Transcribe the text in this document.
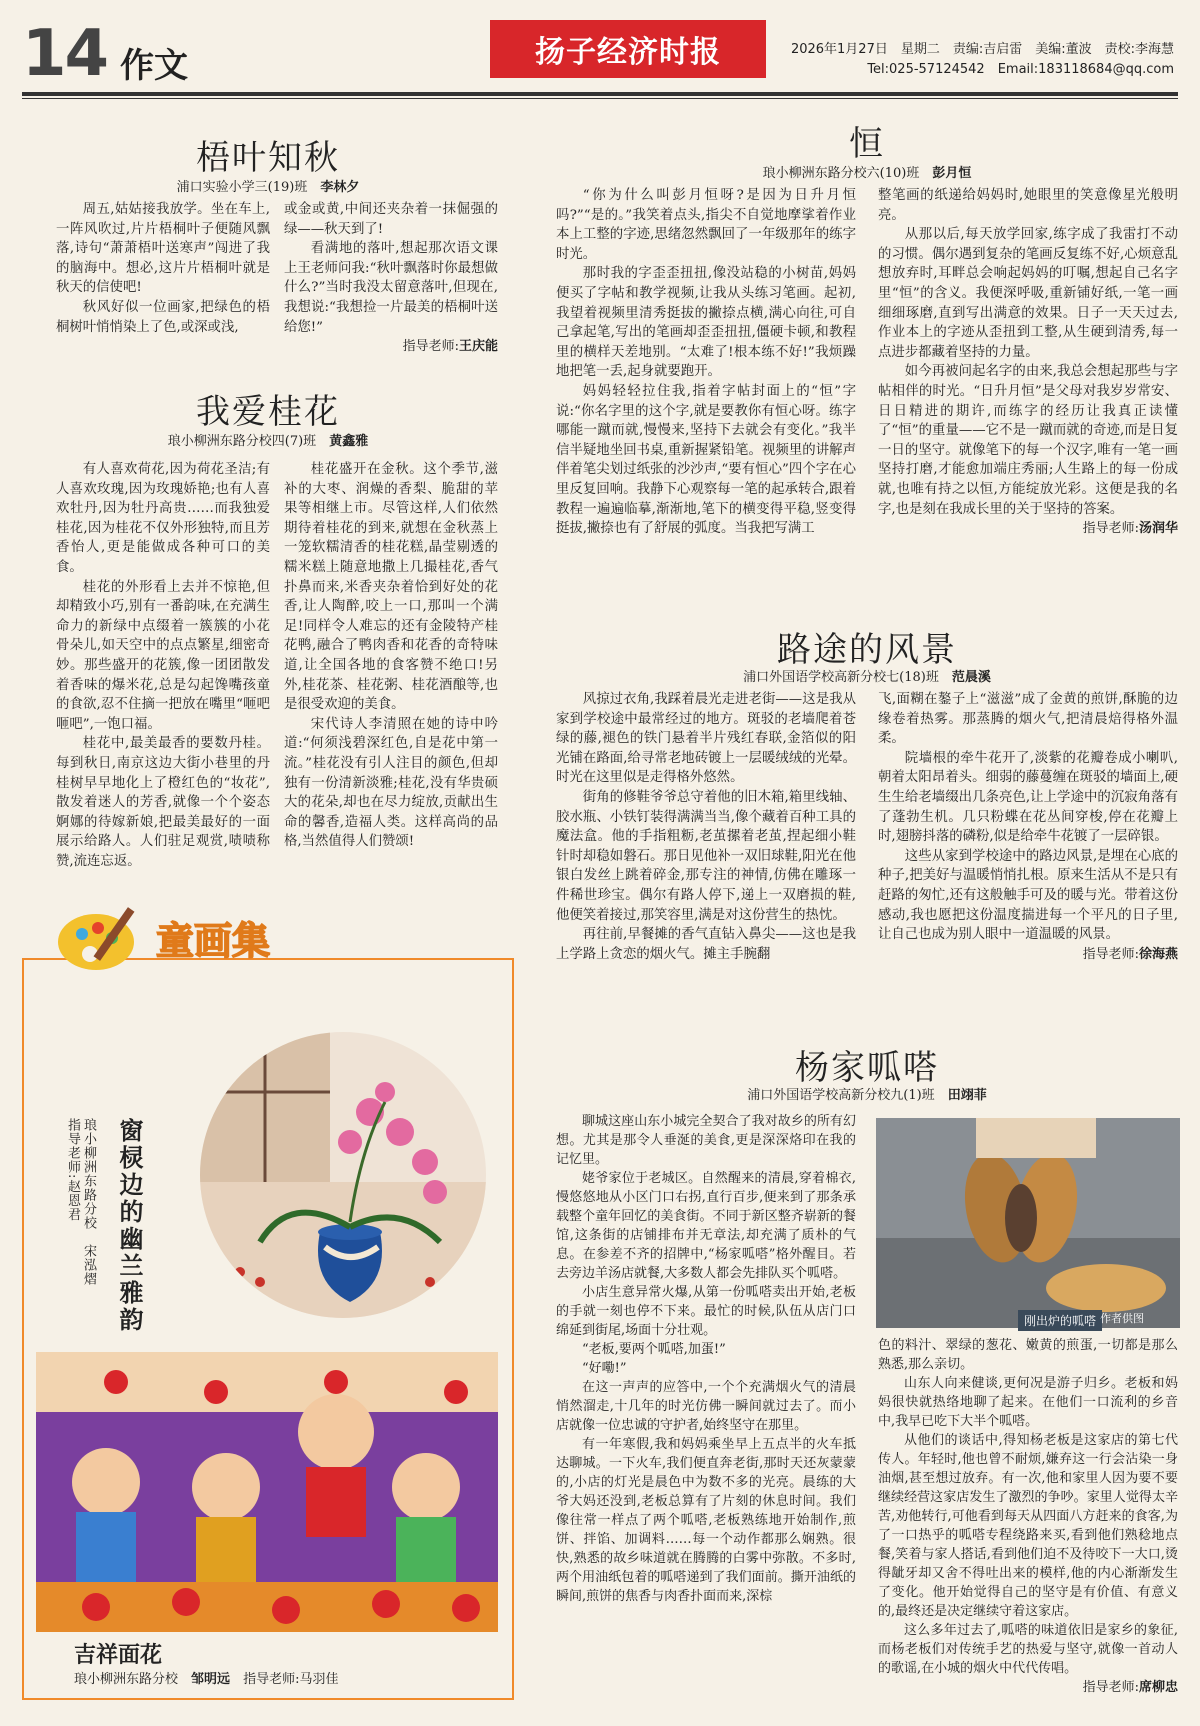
14 作文	扬子经济时报	2026年1月27日　星期二　责编:吉启雷　美编:董波　责校:李海慧
Tel:025-57124542　Email:183118684@qq.com
梧叶知秋
浦口实验小学三(19)班　 李林夕

周五,姑姑接我放学。坐在车上,一阵风吹过,片片梧桐叶子便随风飘落,诗句“萧萧梧叶送寒声”闯进了我的脑海中。想必,这片片梧桐叶就是秋天的信使吧!

秋风好似一位画家,把绿色的梧桐树叶悄悄染上了色,或深或浅,

或金或黄,中间还夹杂着一抹倔强的绿——秋天到了!

看满地的落叶,想起那次语文课上王老师问我:“秋叶飘落时你最想做什么?”当时我没太留意落叶,但现在,我想说:“我想捡一片最美的梧桐叶送给您!”

指导老师:王庆能
我爱桂花
琅小柳洲东路分校四(7)班　 黄鑫雅

有人喜欢荷花,因为荷花圣洁;有人喜欢玫瑰,因为玫瑰娇艳;也有人喜欢牡丹,因为牡丹高贵……而我独爱桂花,因为桂花不仅外形独特,而且芳香怡人,更是能做成各种可口的美食。

桂花的外形看上去并不惊艳,但却精致小巧,别有一番韵味,在充满生命力的新绿中点缀着一簇簇的小花骨朵儿,如天空中的点点繁星,细密奇妙。那些盛开的花簇,像一团团散发着香味的爆米花,总是勾起馋嘴孩童的食欲,忍不住摘一把放在嘴里“咂吧咂吧”,一饱口福。

桂花中,最美最香的要数丹桂。每到秋日,南京这边大街小巷里的丹桂树早早地化上了橙红色的“妆花”,散发着迷人的芳香,就像一个个姿态婀娜的待嫁新娘,把最美最好的一面展示给路人。人们驻足观赏,啧啧称赞,流连忘返。

桂花盛开在金秋。这个季节,滋补的大枣、润燥的香梨、脆甜的苹果等相继上市。尽管这样,人们依然期待着桂花的到来,就想在金秋蒸上一笼软糯清香的桂花糕,晶莹剔透的糯米糕上随意地撒上几撮桂花,香气扑鼻而来,米香夹杂着恰到好处的花香,让人陶醉,咬上一口,那叫一个满足!同样令人难忘的还有金陵特产桂花鸭,融合了鸭肉香和花香的奇特味道,让全国各地的食客赞不绝口!另外,桂花茶、桂花粥、桂花酒酿等,也是很受欢迎的美食。

宋代诗人李清照在她的诗中吟道:“何须浅碧深红色,自是花中第一流。”桂花没有引人注目的颜色,但却独有一份清新淡雅;桂花,没有华贵硕大的花朵,却也在尽力绽放,贡献出生命的馨香,造福人类。这样高尚的品格,当然值得人们赞颂!

童画集
窗棂边的幽兰雅韵
琅小柳洲东路分校　宋泓熠
指导老师:赵恩君
吉祥面花
琅小柳洲东路分校　 邹明远　 指导老师:马羽佳
恒
琅小柳洲东路分校六(10)班　 彭月恒

“你为什么叫彭月恒呀?是因为日升月恒吗?”“是的。”我笑着点头,指尖不自觉地摩挲着作业本上工整的字迹,思绪忽然飘回了一年级那年的练字时光。

那时我的字歪歪扭扭,像没站稳的小树苗,妈妈便买了字帖和教学视频,让我从头练习笔画。起初,我望着视频里清秀挺拔的撇捺点横,满心向往,可自己拿起笔,写出的笔画却歪歪扭扭,僵硬卡顿,和教程里的横样天差地别。“太难了!根本练不好!”我烦躁地把笔一丢,起身就要跑开。

妈妈轻轻拉住我,指着字帖封面上的“恒”字说:“你名字里的这个字,就是要教你有恒心呀。练字哪能一蹴而就,慢慢来,坚持下去就会有变化。”我半信半疑地坐回书桌,重新握紧铅笔。视频里的讲解声伴着笔尖划过纸张的沙沙声,“要有恒心”四个字在心里反复回响。我静下心观察每一笔的起承转合,跟着教程一遍遍临摹,渐渐地,笔下的横变得平稳,竖变得挺拔,撇捺也有了舒展的弧度。当我把写满工

整笔画的纸递给妈妈时,她眼里的笑意像星光般明亮。

从那以后,每天放学回家,练字成了我雷打不动的习惯。偶尔遇到复杂的笔画反复练不好,心烦意乱想放弃时,耳畔总会响起妈妈的叮嘱,想起自己名字里“恒”的含义。我便深呼吸,重新铺好纸,一笔一画细细琢磨,直到写出满意的效果。日子一天天过去,作业本上的字迹从歪扭到工整,从生硬到清秀,每一点进步都藏着坚持的力量。

如今再被问起名字的由来,我总会想起那些与字帖相伴的时光。“日升月恒”是父母对我岁岁常安、日日精进的期许,而练字的经历让我真正读懂了“恒”的重量——它不是一蹴而就的奇迹,而是日复一日的坚守。就像笔下的每一个汉字,唯有一笔一画坚持打磨,才能愈加端庄秀丽;人生路上的每一份成就,也唯有持之以恒,方能绽放光彩。这便是我的名字,也是刻在我成长里的关于坚持的答案。

指导老师:汤润华
路途的风景
浦口外国语学校高新分校七(18)班　 范晨溪

风掠过衣角,我踩着晨光走进老街——这是我从家到学校途中最常经过的地方。斑驳的老墙爬着苍绿的藤,褪色的铁门悬着半片残红春联,金箔似的阳光铺在路面,给寻常老地砖镀上一层暖绒绒的光晕。时光在这里似是走得格外悠然。

街角的修鞋爷爷总守着他的旧木箱,箱里线轴、胶水瓶、小铁钉装得满满当当,像个藏着百种工具的魔法盒。他的手指粗粝,老茧摞着老茧,捏起细小鞋针时却稳如磐石。那日见他补一双旧球鞋,阳光在他银白发丝上跳着碎金,那专注的神情,仿佛在雕琢一件稀世珍宝。偶尔有路人停下,递上一双磨损的鞋,他便笑着接过,那笑容里,满是对这份营生的热忱。

再往前,早餐摊的香气直钻入鼻尖——这也是我上学路上贪恋的烟火气。摊主手腕翻

飞,面糊在鏊子上“滋滋”成了金黄的煎饼,酥脆的边缘卷着热雾。那蒸腾的烟火气,把清晨焙得格外温柔。

院墙根的牵牛花开了,淡紫的花瓣卷成小喇叭,朝着太阳昂着头。细弱的藤蔓缠在斑驳的墙面上,硬生生给老墙缀出几条亮色,让上学途中的沉寂角落有了蓬勃生机。几只粉蝶在花丛间穿梭,停在花瓣上时,翅膀抖落的磷粉,似是给牵牛花镀了一层碎银。

这些从家到学校途中的路边风景,是埋在心底的种子,把美好与温暖悄悄扎根。原来生活从不是只有赶路的匆忙,还有这般触手可及的暖与光。带着这份感动,我也愿把这份温度揣进每一个平凡的日子里,让自己也成为别人眼中一道温暖的风景。

指导老师:徐海燕
杨家呱嗒
浦口外国语学校高新分校九(1)班　 田翊菲

聊城这座山东小城完全契合了我对故乡的所有幻想。尤其是那令人垂涎的美食,更是深深烙印在我的记忆里。

姥爷家位于老城区。自然醒来的清晨,穿着棉衣,慢悠悠地从小区门口右拐,直行百步,便来到了那条承载整个童年回忆的美食街。不同于新区整齐崭新的餐馆,这条街的店铺排布并无章法,却充满了质朴的气息。在参差不齐的招牌中,“杨家呱嗒”格外醒目。若去旁边羊汤店就餐,大多数人都会先排队买个呱嗒。

小店生意异常火爆,从第一份呱嗒卖出开始,老板的手就一刻也停不下来。最忙的时候,队伍从店门口绵延到街尾,场面十分壮观。

“老板,要两个呱嗒,加蛋!”

“好嘞!”

在这一声声的应答中,一个个充满烟火气的清晨悄然溜走,十几年的时光仿佛一瞬间就过去了。而小店就像一位忠诚的守护者,始终坚守在那里。

有一年寒假,我和妈妈乘坐早上五点半的火车抵达聊城。一下火车,我们便直奔老街,那时天还灰蒙蒙的,小店的灯光是晨色中为数不多的光亮。晨练的大爷大妈还没到,老板总算有了片刻的休息时间。我们像往常一样点了两个呱嗒,老板熟练地开始制作,煎饼、拌馅、加调料……每一个动作都那么娴熟。很快,熟悉的故乡味道就在腾腾的白雾中弥散。不多时,两个用油纸包着的呱嗒递到了我们面前。撕开油纸的瞬间,煎饼的焦香与肉香扑面而来,深棕

刚出炉的呱嗒 作者供图

色的料汁、翠绿的葱花、嫩黄的煎蛋,一切都是那么熟悉,那么亲切。

山东人向来健谈,更何况是游子归乡。老板和妈妈很快就热络地聊了起来。在他们一口流利的乡音中,我早已吃下大半个呱嗒。

从他们的谈话中,得知杨老板是这家店的第七代传人。年轻时,他也曾不耐烦,嫌弃这一行会沾染一身油烟,甚至想过放弃。有一次,他和家里人因为要不要继续经营这家店发生了激烈的争吵。家里人觉得太辛苦,劝他转行,可他看到每天从四面八方赶来的食客,为了一口热乎的呱嗒专程绕路来买,看到他们熟稔地点餐,笑着与家人搭话,看到他们迫不及待咬下一大口,烫得龇牙却又舍不得吐出来的模样,他的内心渐渐发生了变化。他开始觉得自己的坚守是有价值、有意义的,最终还是决定继续守着这家店。

这么多年过去了,呱嗒的味道依旧是家乡的象征,而杨老板们对传统手艺的热爱与坚守,就像一首动人的歌谣,在小城的烟火中代代传唱。

指导老师:席柳忠
